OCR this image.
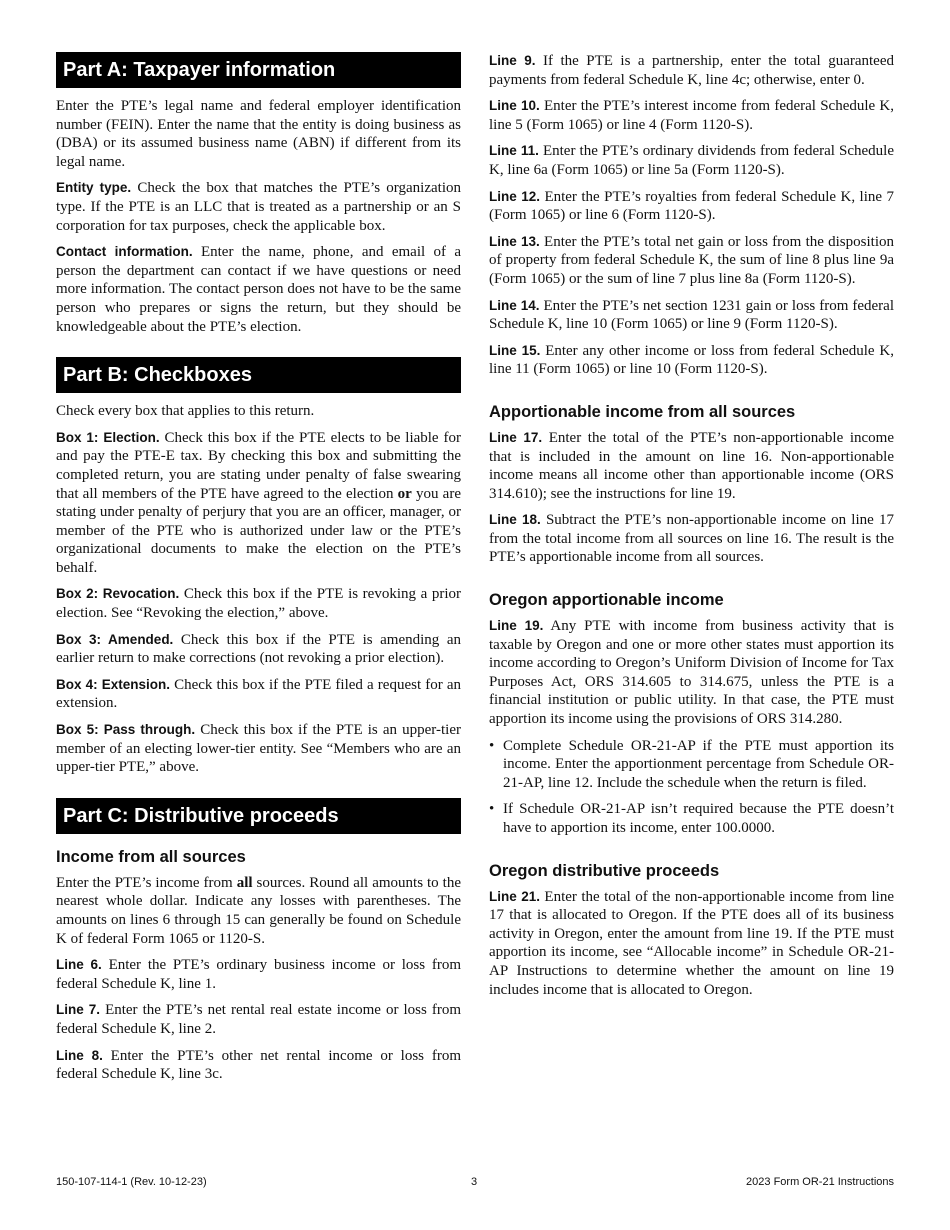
Part A: Taxpayer information

Enter the PTE’s legal name and federal employer identification number (FEIN). Enter the name that the entity is doing business as (DBA) or its assumed business name (ABN) if different from its legal name.

Entity type. Check the box that matches the PTE’s organization type. If the PTE is an LLC that is treated as a partnership or an S corporation for tax purposes, check the applicable box.

Contact information. Enter the name, phone, and email of a person the department can contact if we have questions or need more information. The contact person does not have to be the same person who prepares or signs the return, but they should be knowledgeable about the PTE’s election.

Part B: Checkboxes

Check every box that applies to this return.

Box 1: Election. Check this box if the PTE elects to be liable for and pay the PTE-E tax. By checking this box and submitting the completed return, you are stating under penalty of false swearing that all members of the PTE have agreed to the election or you are stating under penalty of perjury that you are an officer, manager, or member of the PTE who is authorized under law or the PTE’s organizational documents to make the election on the PTE’s behalf.

Box 2: Revocation. Check this box if the PTE is revoking a prior election. See “Revoking the election,” above.

Box 3: Amended. Check this box if the PTE is amending an earlier return to make corrections (not revoking a prior election).

Box 4: Extension. Check this box if the PTE filed a request for an extension.

Box 5: Pass through. Check this box if the PTE is an upper-tier member of an electing lower-tier entity. See “Members who are an upper-tier PTE,” above.

Part C: Distributive proceeds
Income from all sources

Enter the PTE’s income from all sources. Round all amounts to the nearest whole dollar. Indicate any losses with parentheses. The amounts on lines 6 through 15 can generally be found on Schedule K of federal Form 1065 or 1120-S.

Line 6. Enter the PTE’s ordinary business income or loss from federal Schedule K, line 1.

Line 7. Enter the PTE’s net rental real estate income or loss from federal Schedule K, line 2.

Line 8. Enter the PTE’s other net rental income or loss from federal Schedule K, line 3c.

Line 9. If the PTE is a partnership, enter the total guaranteed payments from federal Schedule K, line 4c; otherwise, enter 0.

Line 10. Enter the PTE’s interest income from federal Schedule K, line 5 (Form 1065) or line 4 (Form 1120-S).

Line 11. Enter the PTE’s ordinary dividends from federal Schedule K, line 6a (Form 1065) or line 5a (Form 1120-S).

Line 12. Enter the PTE’s royalties from federal Schedule K, line 7 (Form 1065) or line 6 (Form 1120-S).

Line 13. Enter the PTE’s total net gain or loss from the disposition of property from federal Schedule K, the sum of line 8 plus line 9a (Form 1065) or the sum of line 7 plus line 8a (Form 1120-S).

Line 14. Enter the PTE’s net section 1231 gain or loss from federal Schedule K, line 10 (Form 1065) or line 9 (Form 1120-S).

Line 15. Enter any other income or loss from federal Schedule K, line 11 (Form 1065) or line 10 (Form 1120-S).

Apportionable income from all sources

Line 17. Enter the total of the PTE’s non-apportionable income that is included in the amount on line 16. Non-apportionable income means all income other than apportionable income (ORS 314.610); see the instructions for line 19.

Line 18. Subtract the PTE’s non-apportionable income on line 17 from the total income from all sources on line 16. The result is the PTE’s apportionable income from all sources.

Oregon apportionable income

Line 19. Any PTE with income from business activity that is taxable by Oregon and one or more other states must apportion its income according to Oregon’s Uniform Division of Income for Tax Purposes Act, ORS 314.605 to 314.675, unless the PTE is a financial institution or public utility. In that case, the PTE must apportion its income using the provisions of ORS 314.280.

• Complete Schedule OR-21-AP if the PTE must apportion its income. Enter the apportionment percentage from Schedule OR-21-AP, line 12. Include the schedule when the return is filed.
• If Schedule OR-21-AP isn’t required because the PTE doesn’t have to apportion its income, enter 100.0000.
Oregon distributive proceeds

Line 21. Enter the total of the non-apportionable income from line 17 that is allocated to Oregon. If the PTE does all of its business activity in Oregon, enter the amount from line 19. If the PTE must apportion its income, see “Allocable income” in Schedule OR-21-AP Instructions to determine whether the amount on line 19 includes income that is allocated to Oregon.

150-107-114-1 (Rev. 10-12-23)	3	2023 Form OR-21 Instructions
